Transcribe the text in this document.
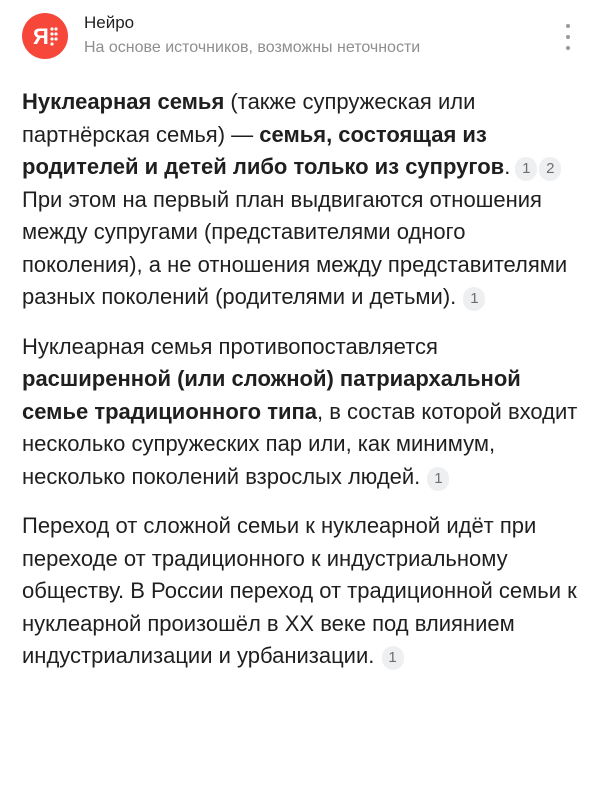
Я
Нейро
На основе источников, возможны неточности

Нуклеарная семья (также супружеская или партнёрская семья) — семья, состоящая из родителей и детей либо только из супругов. 1 2При этом на первый план выдвигаются отношения между супругами (представителями одного поколения), а не отношения между представителями разных поколений (родителями и детьми). 1

Нуклеарная семья противопоставляется расширенной (или сложной) патриархальной семье традиционного типа, в состав которой входит несколько супружеских пар или, как минимум, несколько поколений взрослых людей. 1

Переход от сложной семьи к нуклеарной идёт при переходе от традиционного к индустриальному обществу. В России переход от традиционной семьи к нуклеарной произошёл в XX веке под влиянием индустриализации и урбанизации. 1
